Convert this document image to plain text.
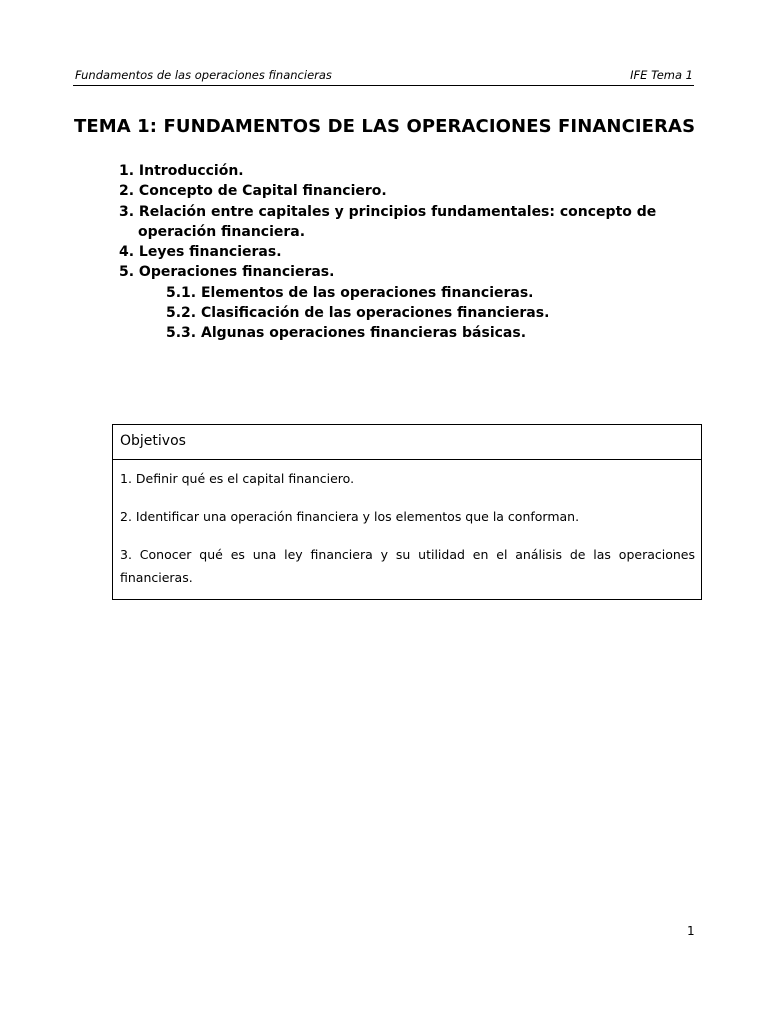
Fundamentos de las operaciones financieras	IFE Tema 1
TEMA 1: FUNDAMENTOS DE LAS OPERACIONES FINANCIERAS
1. Introducción.
2. Concepto de Capital financiero.
3. Relación entre capitales y principios fundamentales: concepto de operación financiera.
4. Leyes financieras.
5. Operaciones financieras.
5.1. Elementos de las operaciones financieras.
5.2. Clasificación de las operaciones financieras.
5.3. Algunas operaciones financieras básicas.
Objetivos
1. Definir qué es el capital financiero.
2. Identificar una operación financiera y los elementos que la conforman.
3. Conocer qué es una ley financiera y su utilidad en el análisis de las operaciones financieras.
1
